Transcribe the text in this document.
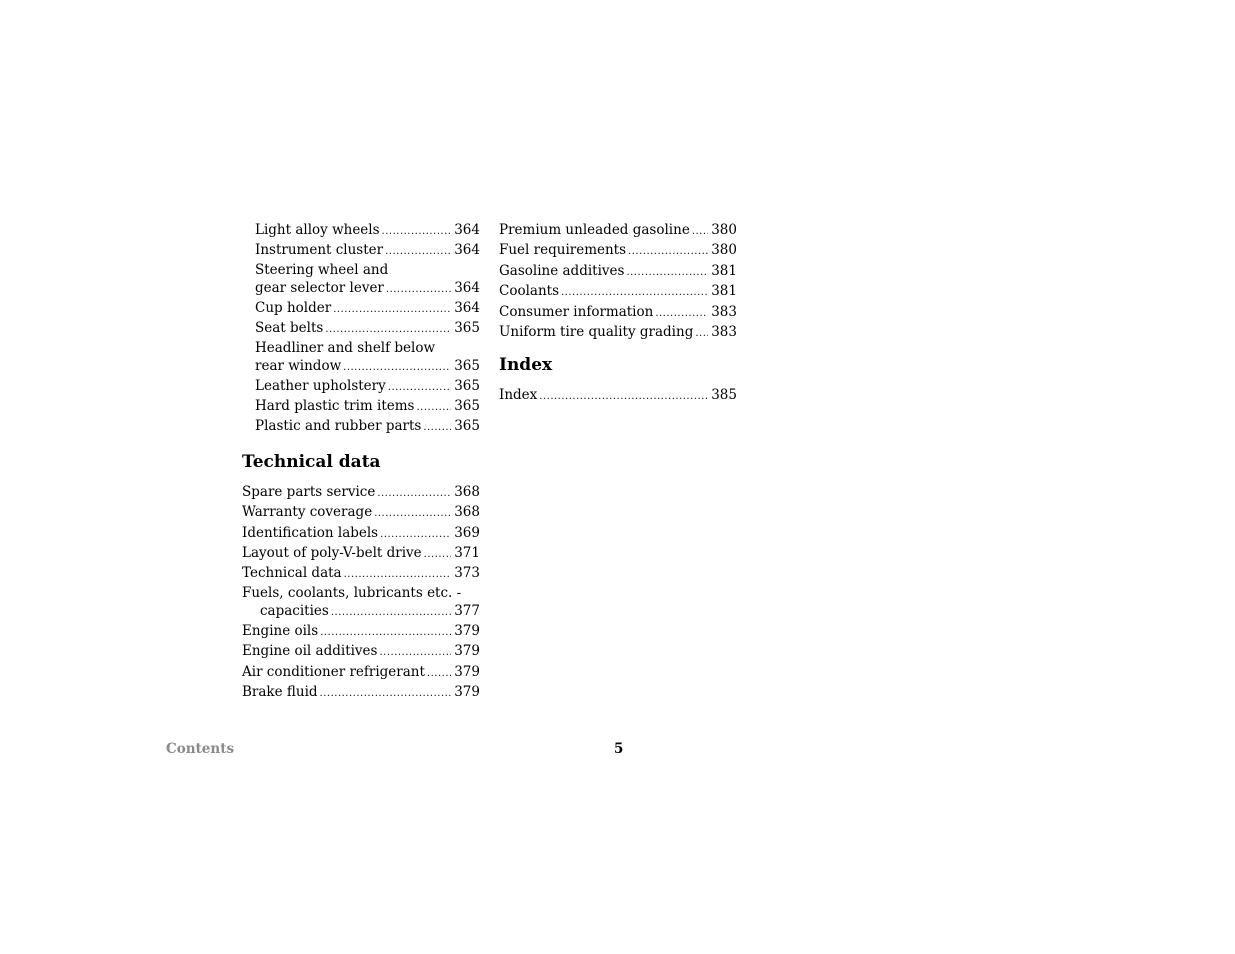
Light alloy wheels .....	364
Instrument cluster .....	364
Steering wheel and
gear selector lever .....	364
Cup holder .....	364
Seat belts .....	365
Headliner and shelf below
rear window .....	365
Leather upholstery .....	365
Hard plastic trim items .....	365
Plastic and rubber parts ..... 365
Technical data
Spare parts service .....	368
Warranty coverage .....	368
Identification labels .....	369
Layout of poly-V-belt drive ..... 371
Technical data .....	373
Fuels, coolants, lubricants etc. -
capacities .....	377
Engine oils .....	379
Engine oil additives .....	379
Air conditioner refrigerant ..... 379
Brake fluid .....	379
Premium unleaded gasoline ..... 380
Fuel requirements .....	380
Gasoline additives .....	381
Coolants .....	381
Consumer information .....	383
Uniform tire quality grading ..... 383
Index
Index .....	385
Contents	5
